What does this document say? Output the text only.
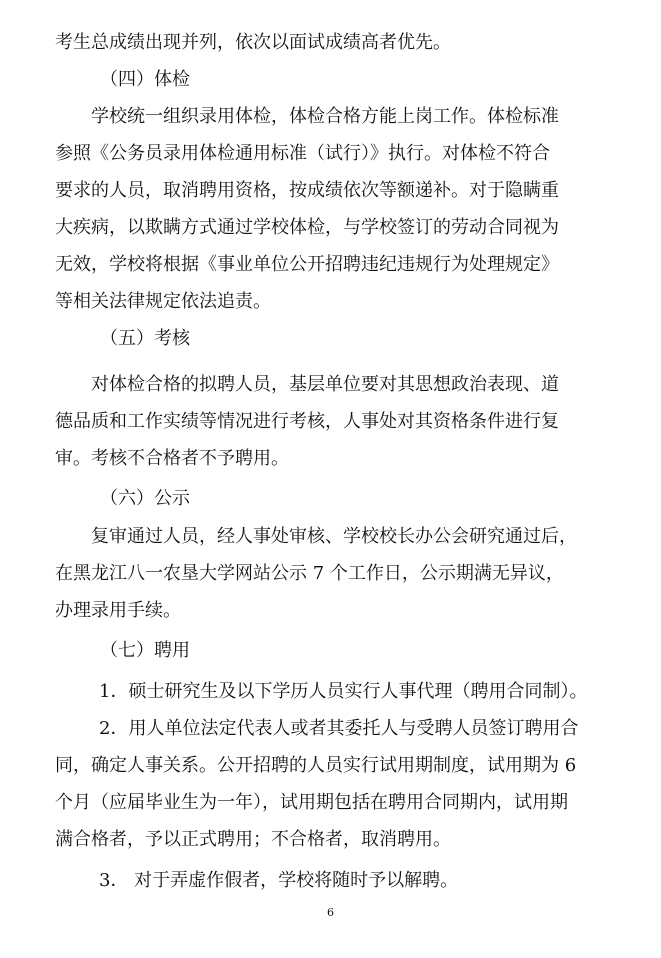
考生总成绩出现并列，依次以面试成绩高者优先。
（四）体检
学校统一组织录用体检，体检合格方能上岗工作。体检标准
参照《公务员录用体检通用标准（试行）》执行。对体检不符合
要求的人员，取消聘用资格，按成绩依次等额递补。对于隐瞒重
大疾病，以欺瞒方式通过学校体检，与学校签订的劳动合同视为
无效，学校将根据《事业单位公开招聘违纪违规行为处理规定》
等相关法律规定依法追责。
（五）考核
对体检合格的拟聘人员，基层单位要对其思想政治表现、道
德品质和工作实绩等情况进行考核，人事处对其资格条件进行复
审。考核不合格者不予聘用。
（六）公示
复审通过人员，经人事处审核、学校校长办公会研究通过后，
在黑龙江八一农垦大学网站公示 7 个工作日，公示期满无异议，
办理录用手续。
（七）聘用
1．硕士研究生及以下学历人员实行人事代理（聘用合同制）。
2．用人单位法定代表人或者其委托人与受聘人员签订聘用合
同，确定人事关系。公开招聘的人员实行试用期制度，试用期为 6
个月（应届毕业生为一年），试用期包括在聘用合同期内，试用期
满合格者，予以正式聘用；不合格者，取消聘用。
3． 对于弄虚作假者，学校将随时予以解聘。
6
